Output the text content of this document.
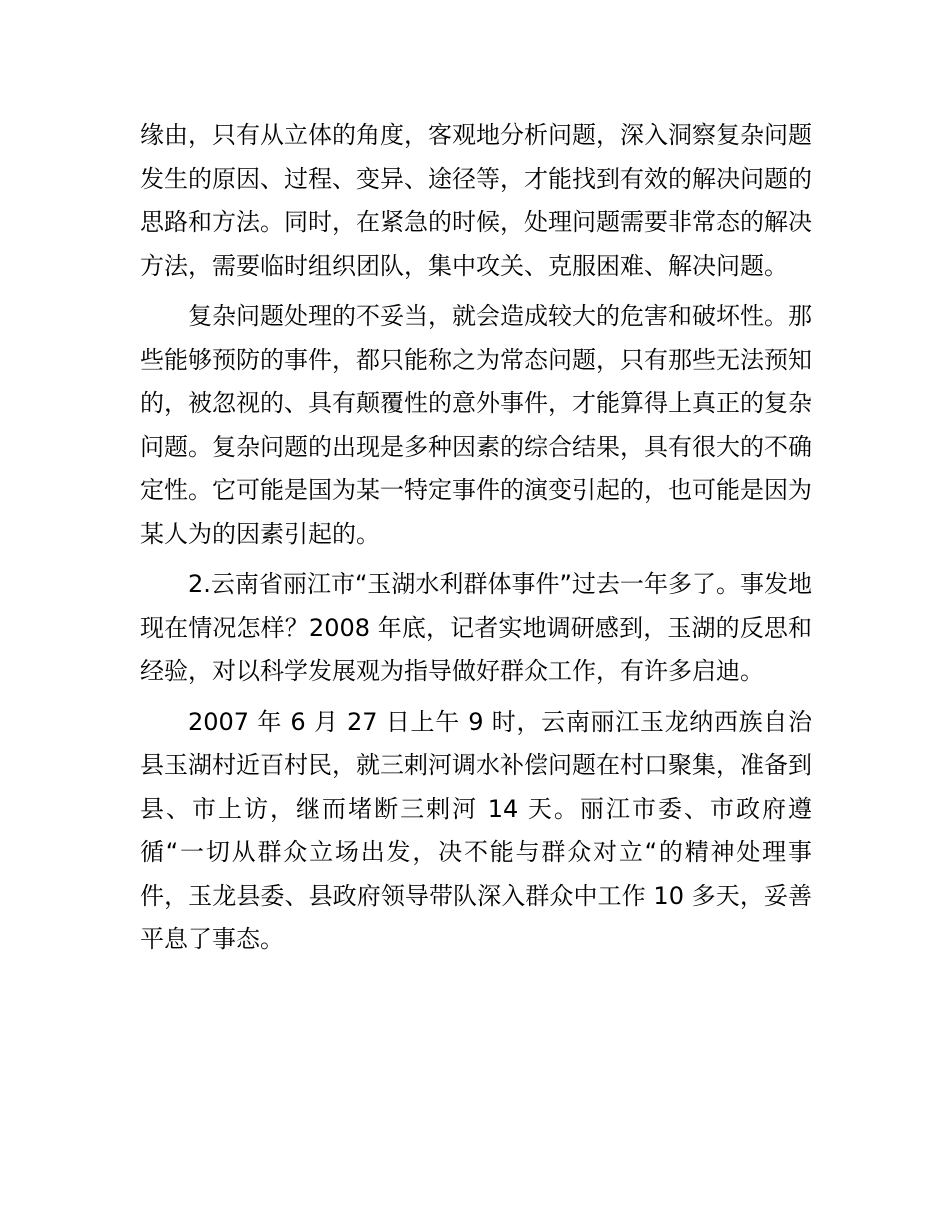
缘由，只有从立体的角度，客观地分析问题，深入洞察复杂问题发生的原因、过程、变异、途径等，才能找到有效的解决问题的思路和方法。同时，在紧急的时候，处理问题需要非常态的解决方法，需要临时组织团队，集中攻关、克服困难、解决问题。

复杂问题处理的不妥当，就会造成较大的危害和破坏性。那些能够预防的事件，都只能称之为常态问题，只有那些无法预知的，被忽视的、具有颠覆性的意外事件，才能算得上真正的复杂问题。复杂问题的出现是多种因素的综合结果，具有很大的不确定性。它可能是国为某一特定事件的演变引起的，也可能是因为某人为的因素引起的。

2.云南省丽江市“玉湖水利群体事件”过去一年多了。事发地现在情况怎样？2008 年底，记者实地调研感到，玉湖的反思和经验，对以科学发展观为指导做好群众工作，有许多启迪。

2007 年 6 月 27 日上午 9 时，云南丽江玉龙纳西族自治县玉湖村近百村民，就三剌河调水补偿问题在村口聚集，准备到县、市上访，继而堵断三剌河 14 天。丽江市委、市政府遵循“一切从群众立场出发，决不能与群众对立“的精神处理事件，玉龙县委、县政府领导带队深入群众中工作 10 多天，妥善平息了事态。
